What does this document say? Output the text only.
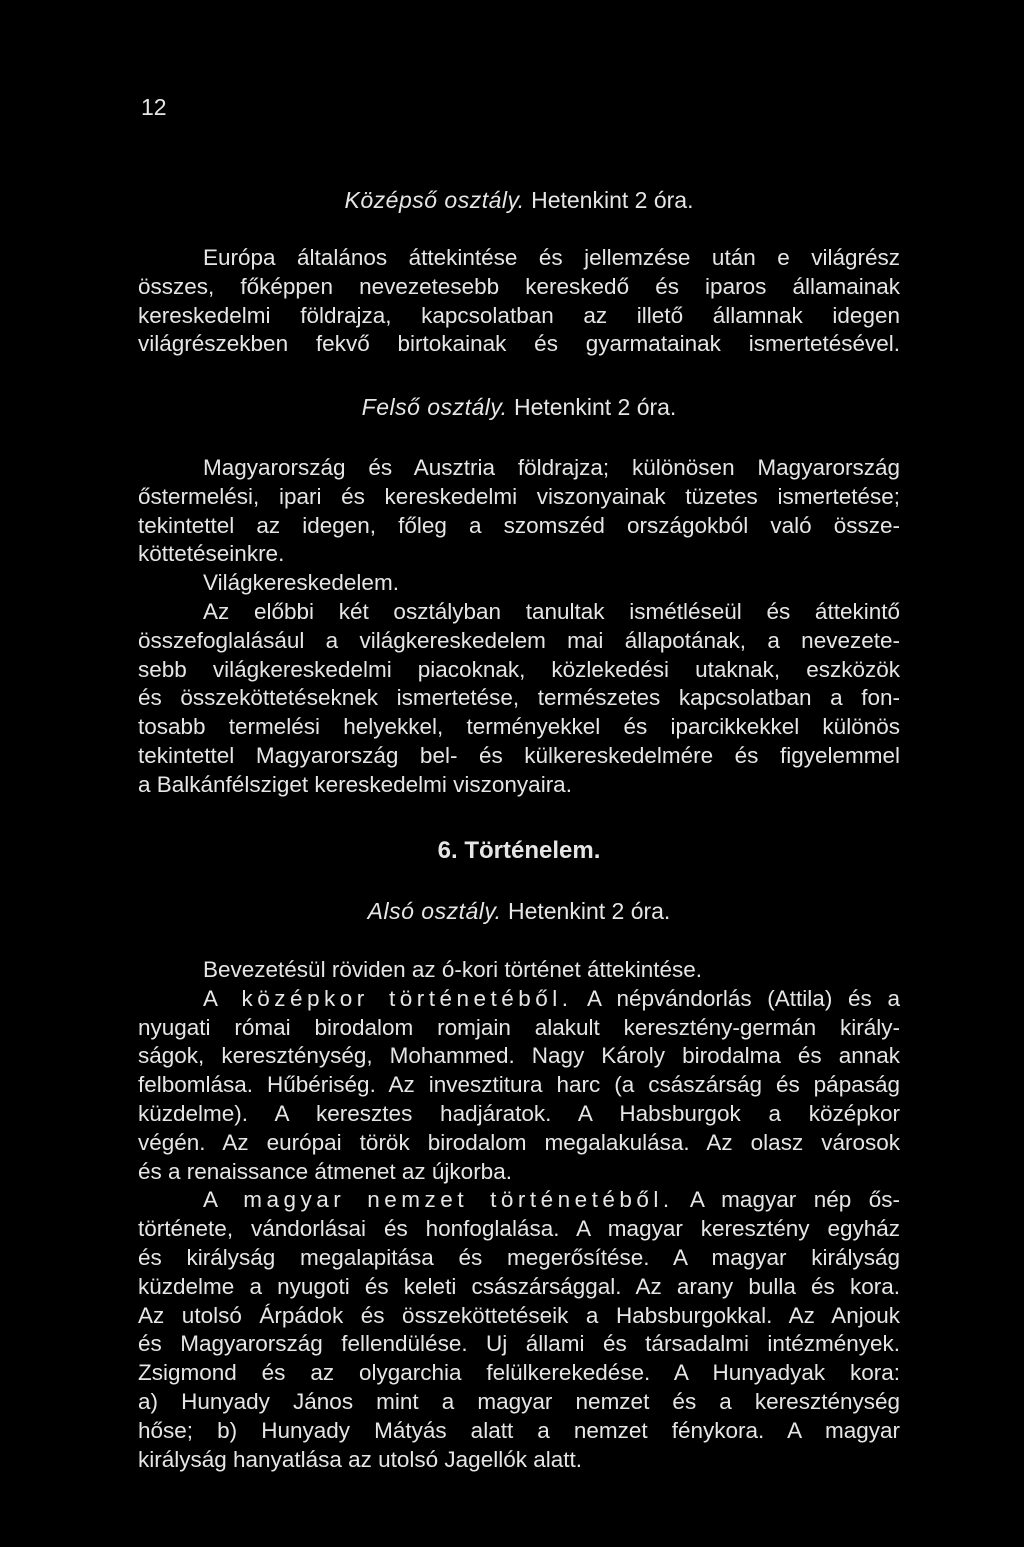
12
Középső osztály. Hetenkint 2 óra.
Európa általános áttekintése és jellemzése után e világrész
összes, főképpen nevezetesebb kereskedő és iparos államainak
kereskedelmi földrajza, kapcsolatban az illető államnak idegen
világrészekben fekvő birtokainak és gyarmatainak ismertetésével.
Felső osztály. Hetenkint 2 óra.
Magyarország és Ausztria földrajza; különösen Magyarország
őstermelési, ipari és kereskedelmi viszonyainak tüzetes ismertetése;
tekintettel az idegen, főleg a szomszéd országokból való össze-
köttetéseinkre.
Világkereskedelem.
Az előbbi két osztályban tanultak ismétléseül és áttekintő
összefoglalásául a világkereskedelem mai állapotának, a nevezete-
sebb világkereskedelmi piacoknak, közlekedési utaknak, eszközök
és összeköttetéseknek ismertetése, természetes kapcsolatban a fon-
tosabb termelési helyekkel, terményekkel és iparcikkekkel különös
tekintettel Magyarország bel- és külkereskedelmére és figyelemmel
a Balkánfélsziget kereskedelmi viszonyaira.
6. Történelem.
Alsó osztály. Hetenkint 2 óra.
Bevezetésül röviden az ó-kori történet áttekintése.
A középkor történetéből. A népvándorlás (Attila) és a
nyugati római birodalom romjain alakult keresztény-germán király-
ságok, kereszténység, Mohammed. Nagy Károly birodalma és annak
felbomlása. Hűbériség. Az invesztitura harc (a császárság és pápaság
küzdelme). A keresztes hadjáratok. A Habsburgok a középkor
végén. Az európai török birodalom megalakulása. Az olasz városok
és a renaissance átmenet az újkorba.
A magyar nemzet történetéből. A magyar nép ős-
története, vándorlásai és honfoglalása. A magyar keresztény egyház
és királyság megalapitása és megerősítése. A magyar királyság
küzdelme a nyugoti és keleti császársággal. Az arany bulla és kora.
Az utolsó Árpádok és összeköttetéseik a Habsburgokkal. Az Anjouk
és Magyarország fellendülése. Uj állami és társadalmi intézmények.
Zsigmond és az olygarchia felülkerekedése. A Hunyadyak kora:
a) Hunyady János mint a magyar nemzet és a kereszténység
hőse; b) Hunyady Mátyás alatt a nemzet fénykora. A magyar
királyság hanyatlása az utolsó Jagellók alatt.
